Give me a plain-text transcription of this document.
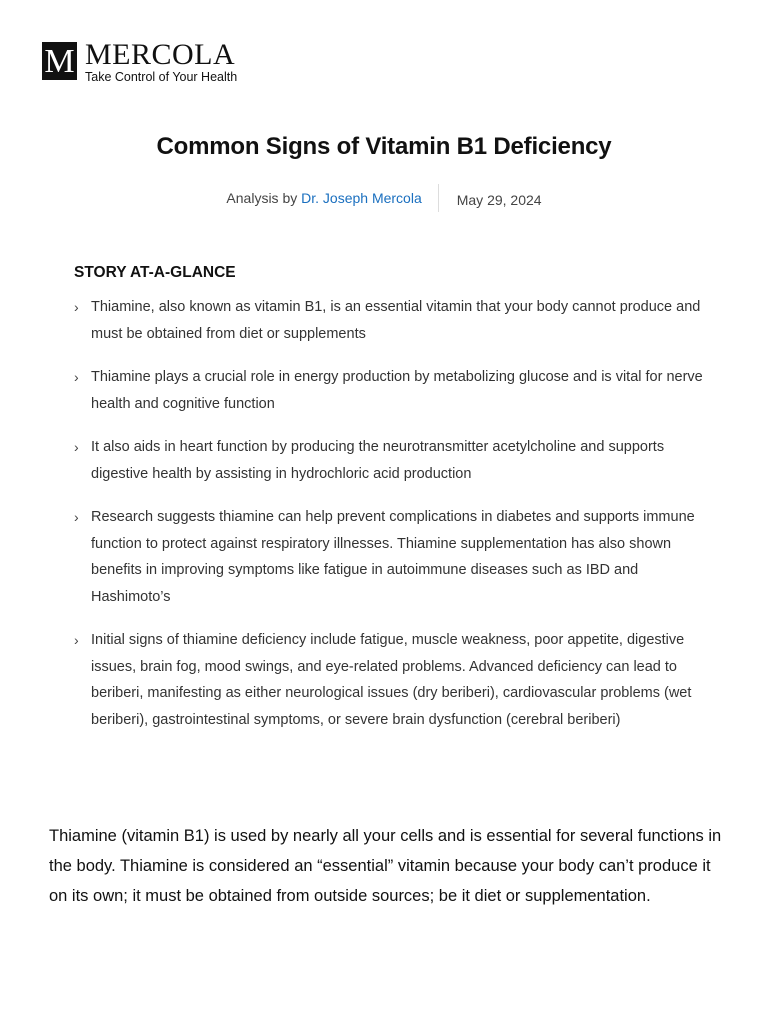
M MERCOLA
Take Control of Your Health
Common Signs of Vitamin B1 Deficiency
Analysis by Dr. Joseph Mercola	May 29, 2024
STORY AT-A-GLANCE
› Thiamine, also known as vitamin B1, is an essential vitamin that your body cannot produce and must be obtained from diet or supplements
› Thiamine plays a crucial role in energy production by metabolizing glucose and is vital for nerve health and cognitive function
› It also aids in heart function by producing the neurotransmitter acetylcholine and supports digestive health by assisting in hydrochloric acid production
› Research suggests thiamine can help prevent complications in diabetes and supports immune function to protect against respiratory illnesses. Thiamine supplementation has also shown benefits in improving symptoms like fatigue in autoimmune diseases such as IBD and Hashimoto’s
› Initial signs of thiamine deficiency include fatigue, muscle weakness, poor appetite, digestive issues, brain fog, mood swings, and eye-related problems. Advanced deficiency can lead to beriberi, manifesting as either neurological issues (dry beriberi), cardiovascular problems (wet beriberi), gastrointestinal symptoms, or severe brain dysfunction (cerebral beriberi)

Thiamine (vitamin B1) is used by nearly all your cells and is essential for several functions in the body. Thiamine is considered an “essential” vitamin because your body can’t produce it on its own; it must be obtained from outside sources; be it diet or supplementation.
